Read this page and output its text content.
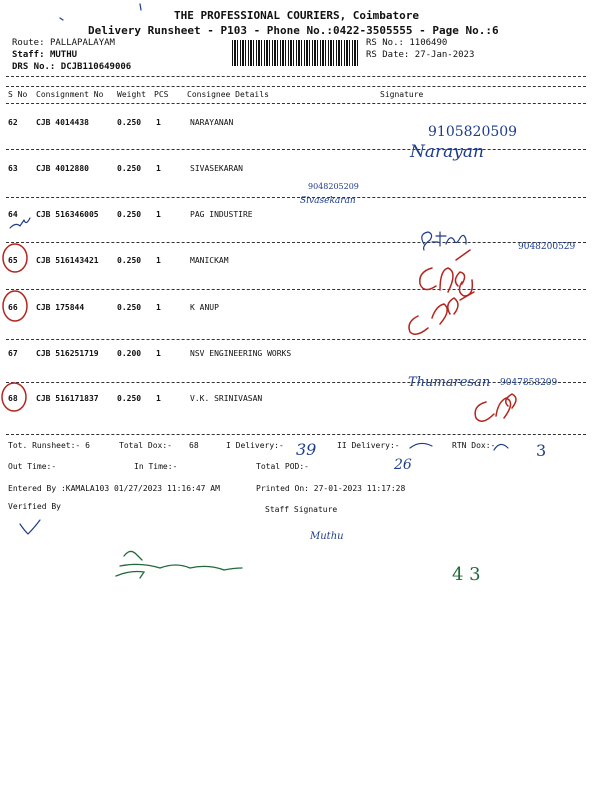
THE PROFESSIONAL COURIERS, Coimbatore
Delivery Runsheet - P103 - Phone No.:0422-3505555 - Page No.:6
Route: PALLAPALAYAM
Staff: MUTHU
DRS No.: DCJB110649006
RS No.: 1106490
RS Date: 27-Jan-2023
S No Consignment No Weight PCS Consignee Details	Signature
62 CJB 4014438	0.250 1	NARAYANAN
63 CJB 4012880	0.250 1	SIVASEKARAN
64 CJB 516346005 0.250 1	PAG INDUSTIRE
65 CJB 516143421 0.250 1	MANICKAM
66 CJB 175844	0.250 1	K ANUP
67 CJB 516251719 0.200 1	NSV ENGINEERING WORKS
68 CJB 516171837 0.250 1	V.K. SRINIVASAN
Tot. Runsheet:- 6	Total Dox:- 68	I Delivery:-	II Delivery:-	RTN Dox:-
Out Time:-	In Time:-	Total POD:-
Entered By :KAMALA103 01/27/2023 11:16:47 AM	Printed On: 27-01-2023 11:17:28
Verified By	Staff Signature
9105820509
Narayan
9048205209
Sivasekaran
9048200529
Thumaresan 9047858209
39
26
3
Muthu
4 3
